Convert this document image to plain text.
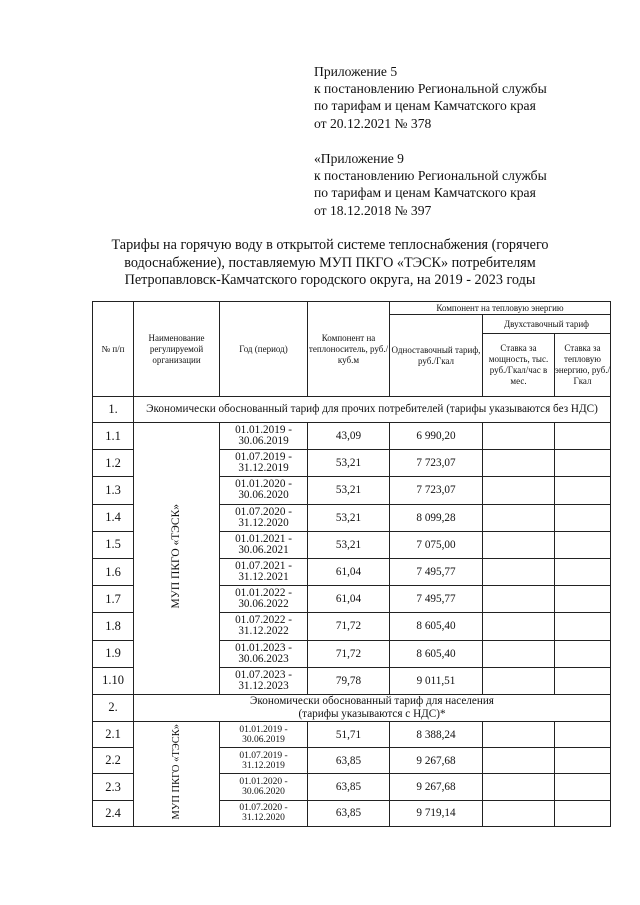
Приложение 5
к постановлению Региональной службы
по тарифам и ценам Камчатского края
от 20.12.2021 № 378
«Приложение 9
к постановлению Региональной службы
по тарифам и ценам Камчатского края
от 18.12.2018 № 397
Тарифы на горячую воду в открытой системе теплоснабжения (горячего водоснабжение), поставляемую МУП ПКГО «ТЭСК» потребителям Петропавловск-Камчатского городского округа, на 2019 - 2023 годы
№ п/п	Наименование регулируемой организации	Год (период)	Компонент на теплоноситель, руб./куб.м	Компонент на тепловую энергию		
				Одноставочный тариф, руб./Гкал	Двухставочный тариф	
					Ставка за мощность, тыс. руб./Гкал/час в мес.	Ставка за тепловую энергию, руб./Гкал
1.	Экономически обоснованный тариф для прочих потребителей (тарифы указываются без НДС)					
1.1	МУП ПКГО «ТЭСК»	01.01.2019 - 30.06.2019	43,09	6 990,20		
1.2		01.07.2019 - 31.12.2019	53,21	7 723,07		
1.3		01.01.2020 - 30.06.2020	53,21	7 723,07		
1.4		01.07.2020 - 31.12.2020	53,21	8 099,28		
1.5		01.01.2021 - 30.06.2021	53,21	7 075,00		
1.6		01.07.2021 - 31.12.2021	61,04	7 495,77		
1.7		01.01.2022 - 30.06.2022	61,04	7 495,77		
1.8		01.07.2022 - 31.12.2022	71,72	8 605,40		
1.9		01.01.2023 - 30.06.2023	71,72	8 605,40		
1.10		01.07.2023 - 31.12.2023	79,78	9 011,51		
2.	Экономически обоснованный тариф для населения
(тарифы указываются с НДС)*					

2.1	МУП ПКГО «ТЭСК»	01.01.2019 - 30.06.2019	51,71	8 388,24		
2.2		01.07.2019 - 31.12.2019	63,85	9 267,68		
2.3		01.01.2020 - 30.06.2020	63,85	9 267,68		
2.4		01.07.2020 - 31.12.2020	63,85	9 719,14		
